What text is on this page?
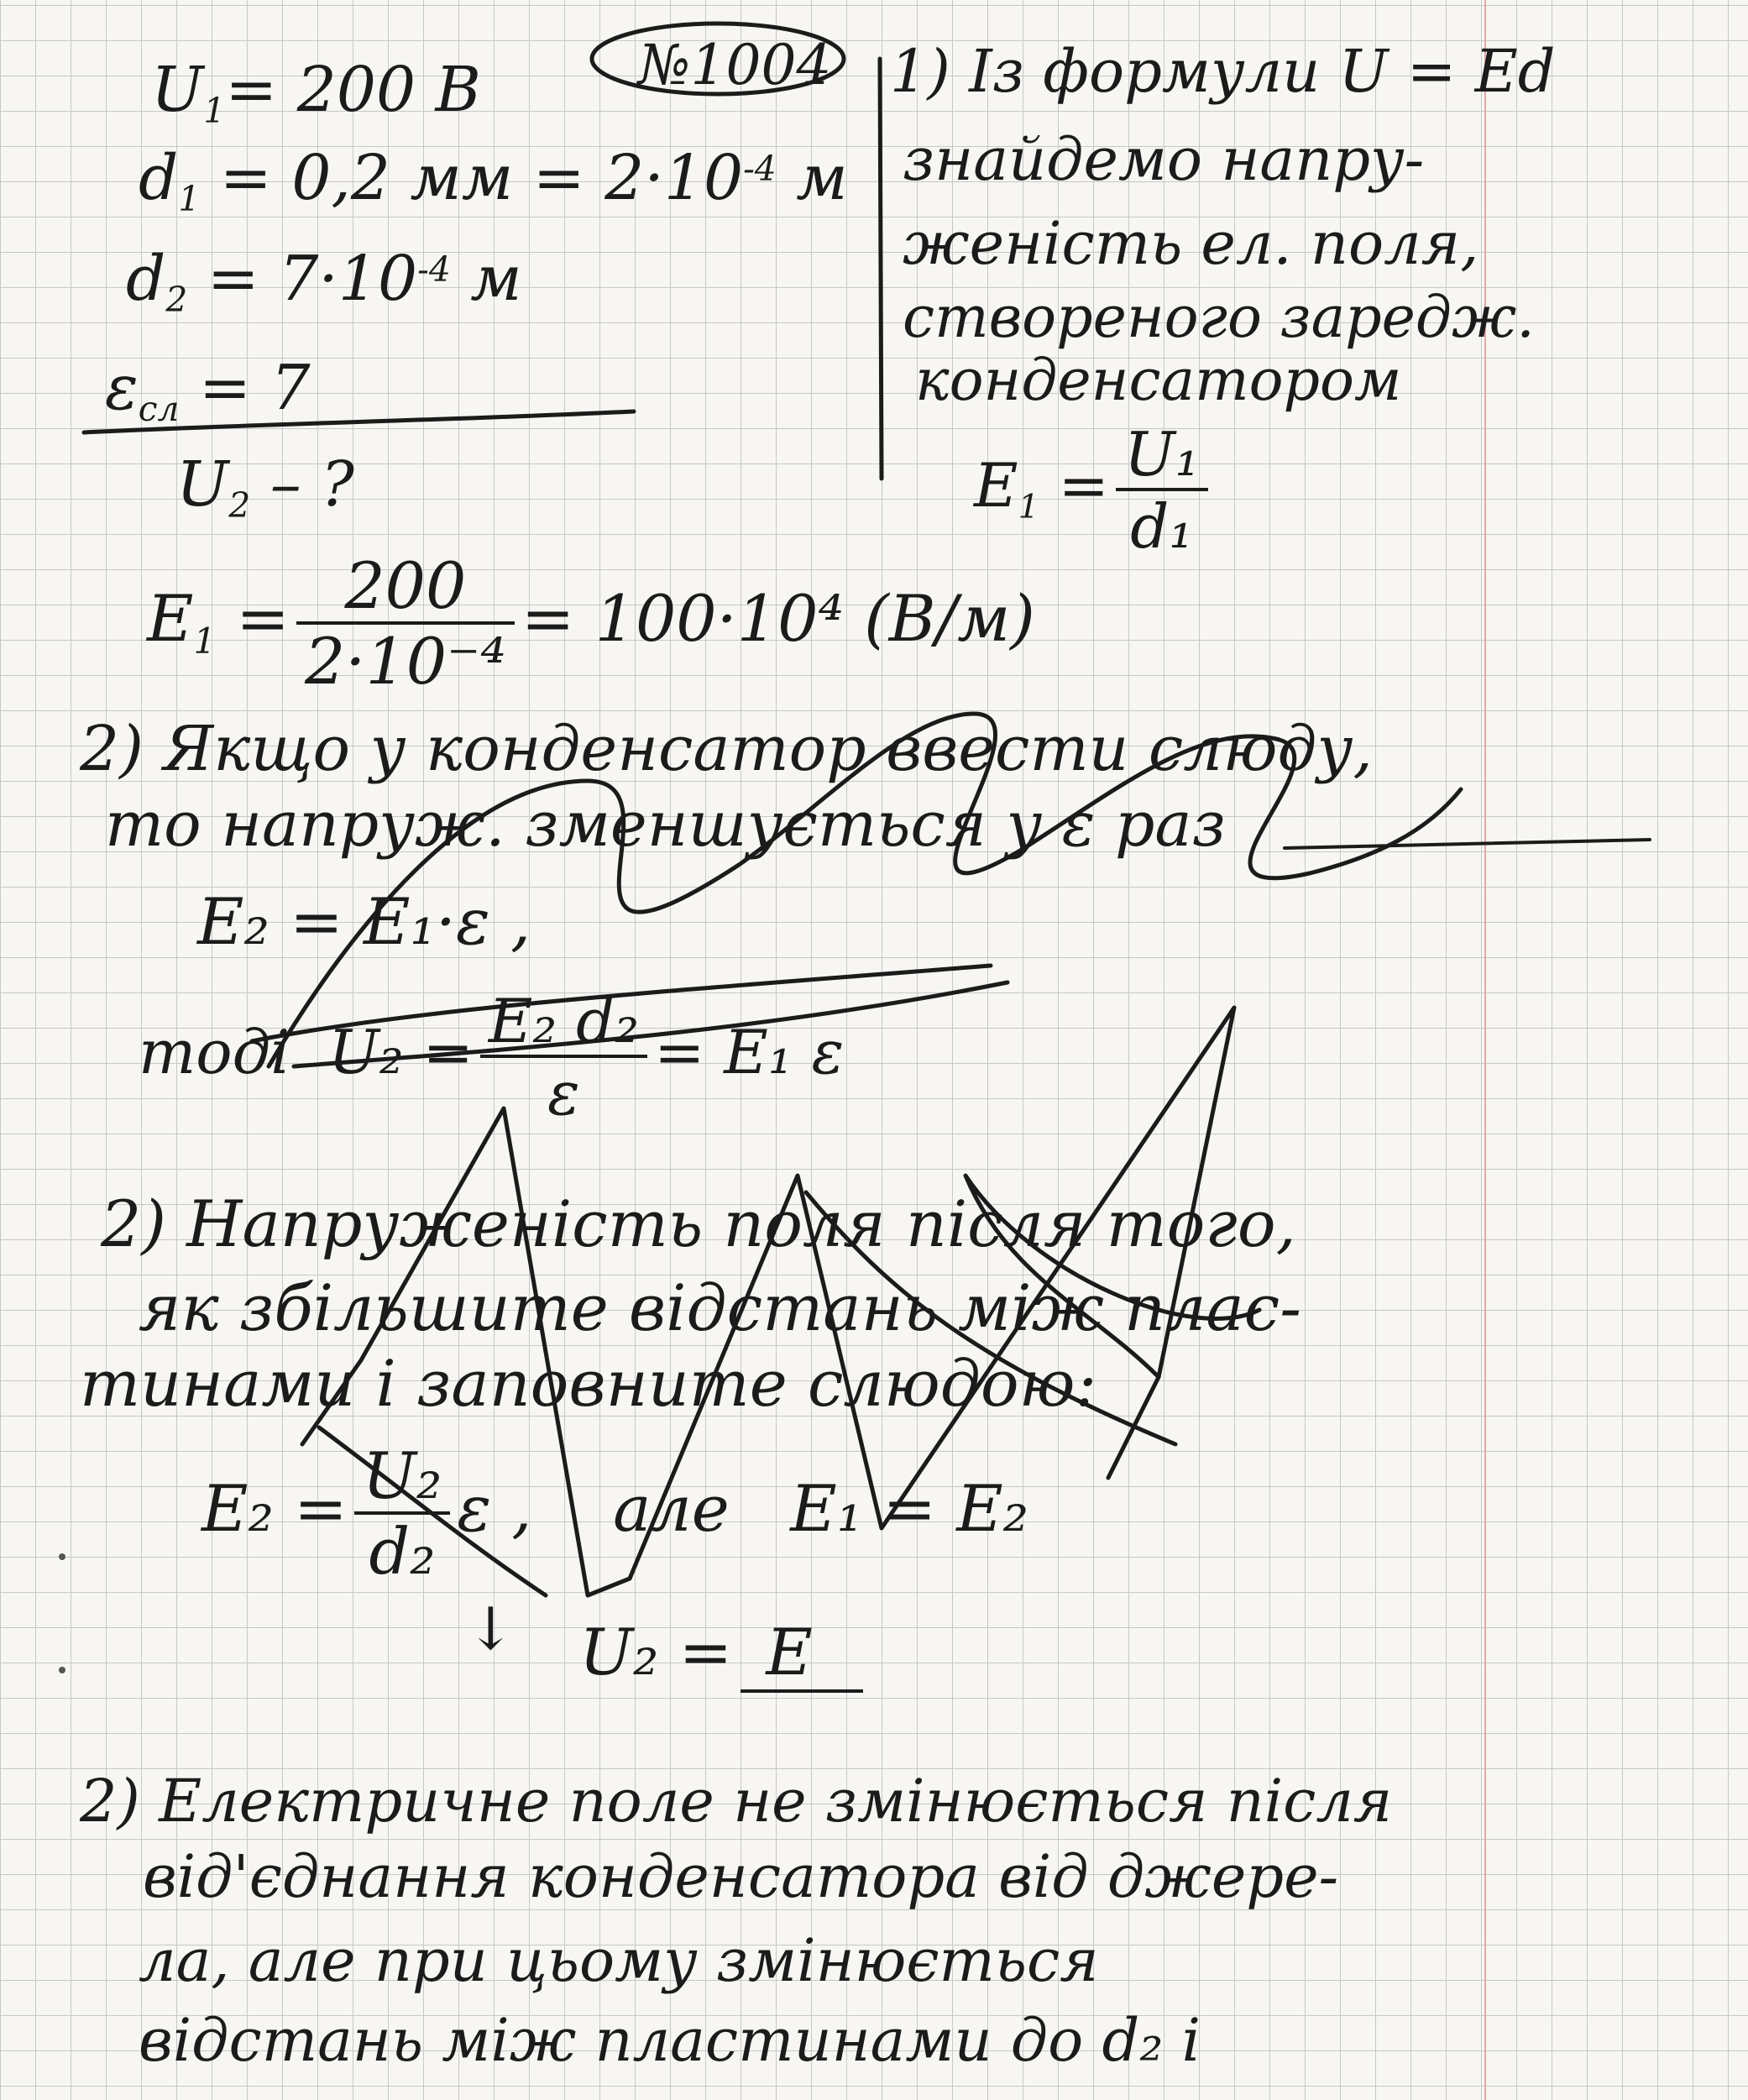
№1004
U1= 200 B
d1 = 0,2 мм = $2\cdot 10^{-4}$ м
$d2 = 7\cdot 10^{-4}$ м
εсл = 7
U2 – ?
1) Із формули U = Ed
знайдемо напру-
женість ел. поля,
створеного заредж.
конденсатором
$E1 = \frac{\text{U₁}}{\text{d₁}}$
$E1 = \frac{200}{\text{2·10⁻⁴}} = 100\cdot 10^4$ (В/м)
2) Якщо у конденсатор ввести слюду,
то напруж. зменшується у ε раз
E₂ = E₁·ε ,
тоді $U_2 = \frac{\text{E₂ d₂}}{\varepsilon} = E_1$ ε
2) Напруженість поля після того,
як збільшите відстань між плас-
тинами і заповните слюдою:
$E_2 = \frac{\text{U₂}}{\text{d₂}}$ ε , але E₁ = E₂
↓ U₂ = E
2) Електричне поле не змінюється після
від'єднання конденсатора від джере-
ла, але при цьому змінюється
відстань між пластинами до d₂ і
